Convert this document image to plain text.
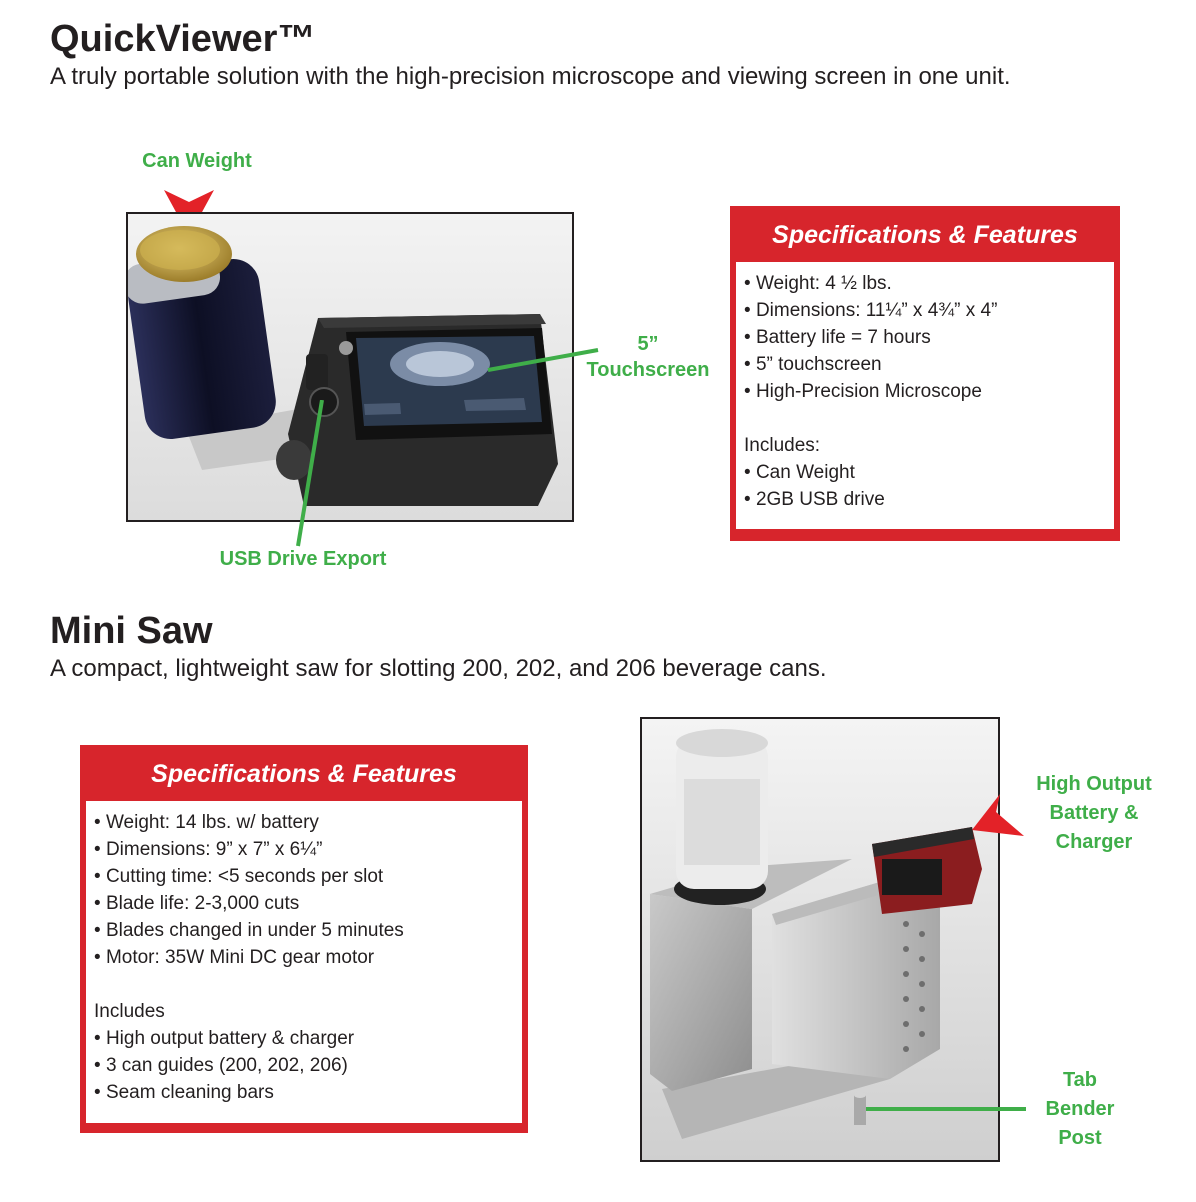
QuickViewer™
A truly portable solution with the high-precision microscope and viewing screen in one unit.
Can Weight
5”
Touchscreen
USB Drive Export
Specifications & Features
• Weight: 4 ½ lbs.
• Dimensions: 11¼” x 4¾” x 4”
• Battery life = 7 hours
• 5” touchscreen
• High-Precision Microscope
Includes:
• Can Weight
• 2GB USB drive
Mini Saw
A compact, lightweight saw for slotting 200, 202, and 206 beverage cans.
Specifications & Features
• Weight: 14 lbs. w/ battery
• Dimensions: 9” x 7” x 6¼”
• Cutting time: <5 seconds per slot
• Blade life: 2-3,000 cuts
• Blades changed in under 5 minutes
• Motor: 35W Mini DC gear motor
Includes
• High output battery & charger
• 3 can guides (200, 202, 206)
• Seam cleaning bars
High Output
Battery &
Charger
Tab
Bender
Post
